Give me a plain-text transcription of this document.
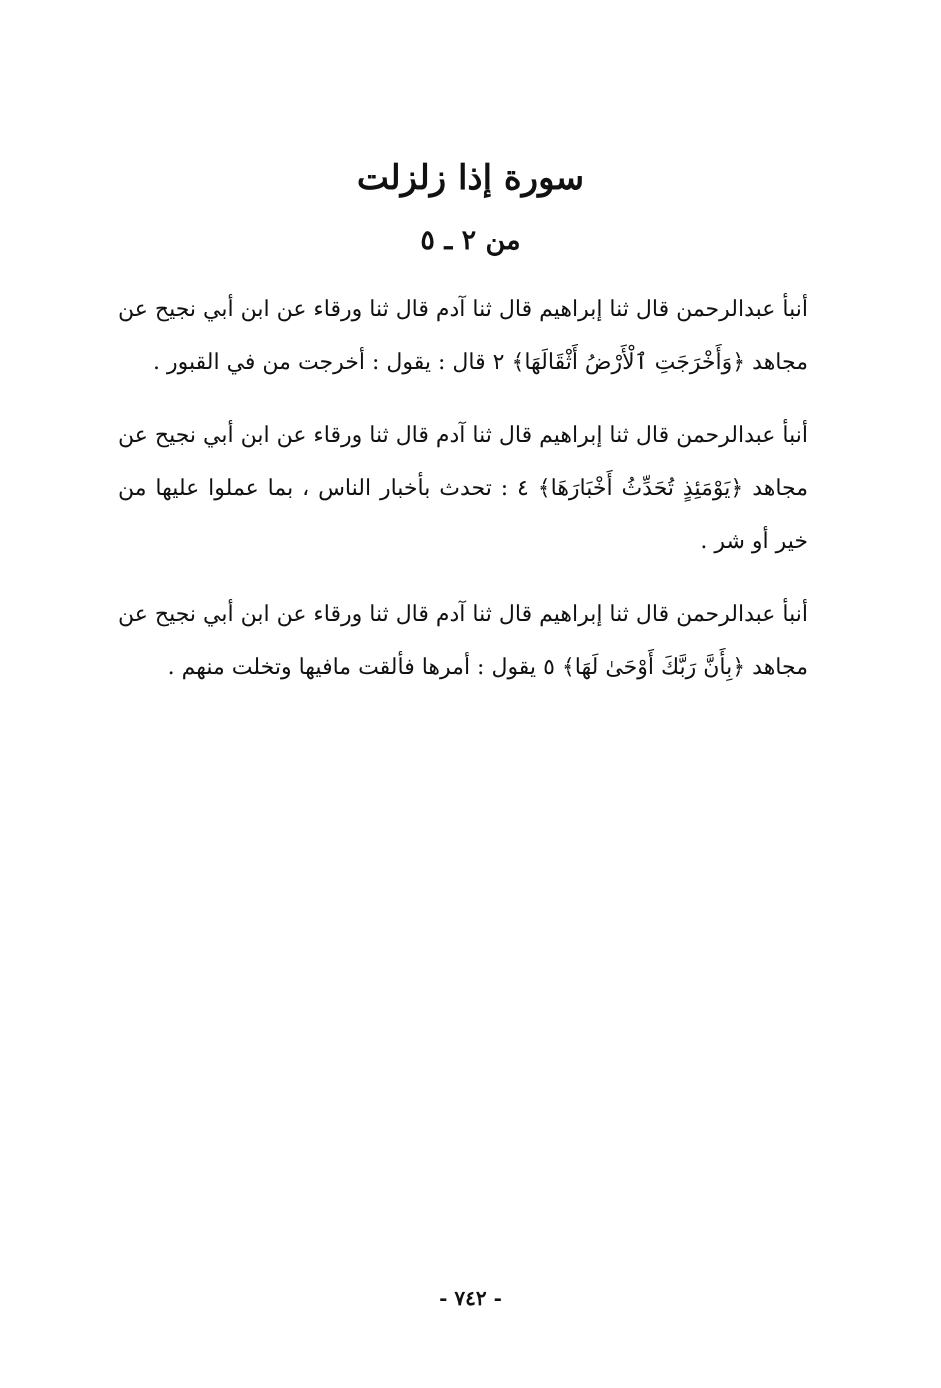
سورة إذا زلزلت
من ٢ ـ ٥

أنبأ عبدالرحمن قال ثنا إبراهيم قال ثنا آدم قال ثنا ورقاء عن ابن أبي نجيح عن مجاهد ﴿وَأَخْرَجَتِ ٱلْأَرْضُ أَثْقَالَهَا﴾ ٢ قال : يقول : أخرجت من في القبور .

أنبأ عبدالرحمن قال ثنا إبراهيم قال ثنا آدم قال ثنا ورقاء عن ابن أبي نجيح عن مجاهد ﴿يَوْمَئِذٍ تُحَدِّثُ أَخْبَارَهَا﴾ ٤ : تحدث بأخبار الناس ، بما عملوا عليها من خير أو شر .

أنبأ عبدالرحمن قال ثنا إبراهيم قال ثنا آدم قال ثنا ورقاء عن ابن أبي نجيح عن مجاهد ﴿بِأَنَّ رَبَّكَ أَوْحَىٰ لَهَا﴾ ٥ يقول : أمرها فألقت مافيها وتخلت منهم .

- ٧٤٢ -
